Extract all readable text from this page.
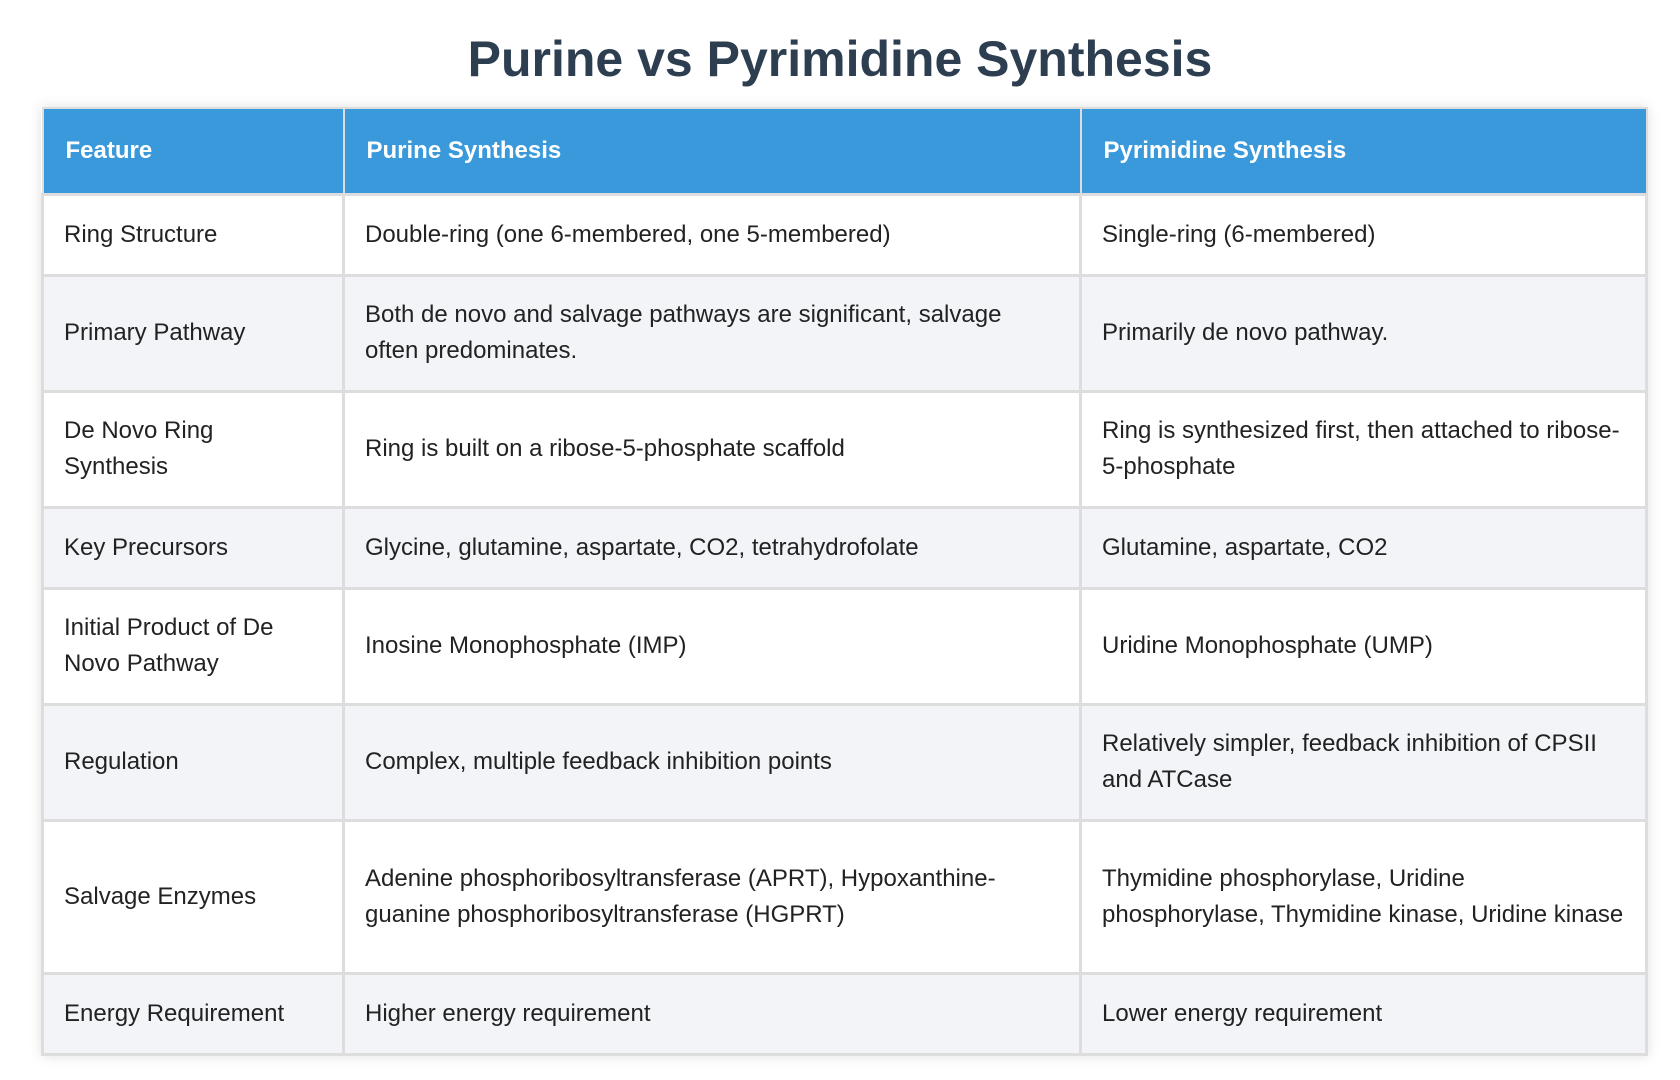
Purine vs Pyrimidine Synthesis
Feature	Purine Synthesis	Pyrimidine Synthesis
Ring Structure	Double-ring (one 6-membered, one 5-membered)	Single-ring (6-membered)
Primary Pathway	Both de novo and salvage pathways are significant, salvage often predominates.	Primarily de novo pathway.
De Novo Ring Synthesis	Ring is built on a ribose-5-phosphate scaffold	Ring is synthesized first, then attached to ribose-5-phosphate
Key Precursors	Glycine, glutamine, aspartate, CO2, tetrahydrofolate	Glutamine, aspartate, CO2
Initial Product of De Novo Pathway	Inosine Monophosphate (IMP)	Uridine Monophosphate (UMP)
Regulation	Complex, multiple feedback inhibition points	Relatively simpler, feedback inhibition of CPSII and ATCase
Salvage Enzymes	Adenine phosphoribosyltransferase (APRT), Hypoxanthine-guanine phosphoribosyltransferase (HGPRT)	Thymidine phosphorylase, Uridine phosphorylase, Thymidine kinase, Uridine kinase
Energy Requirement	Higher energy requirement	Lower energy requirement
